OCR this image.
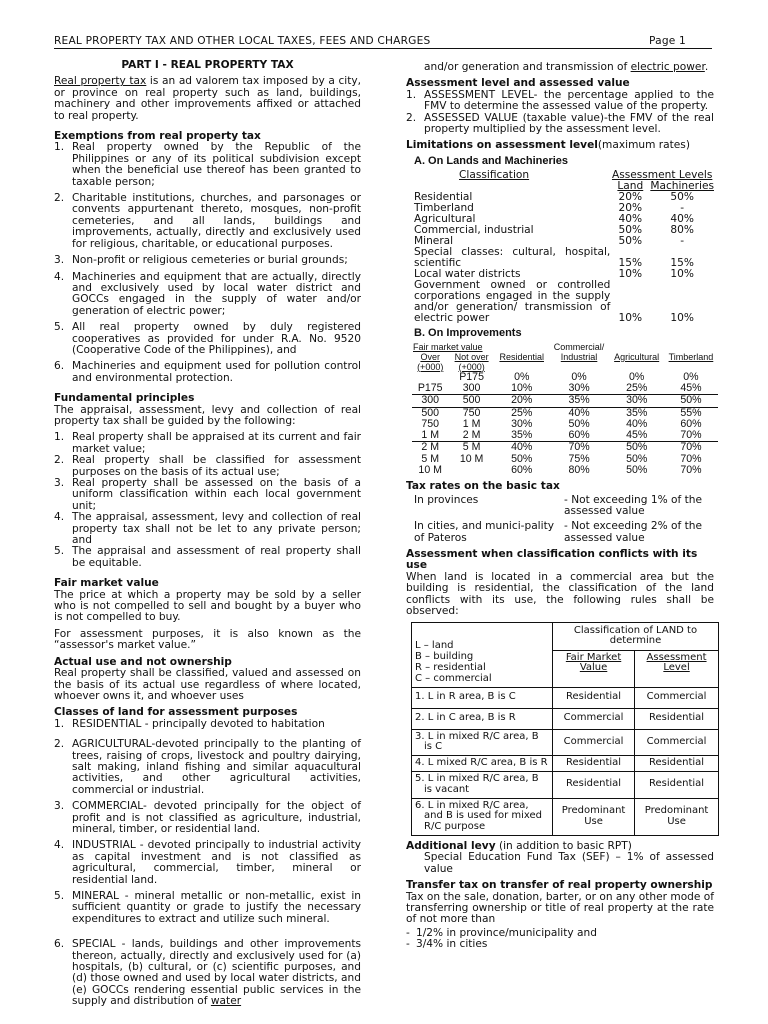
REAL PROPERTY TAX AND OTHER LOCAL TAXES, FEES AND CHARGES	Page 1
PART I - REAL PROPERTY TAX

Real property tax is an ad valorem tax imposed by a city, or province on real property such as land, buildings, machinery and other improvements affixed or attached to real property.

Exemptions from real property tax
1. Real property owned by the Republic of the Philippines or any of its political subdivision except when the beneficial use thereof has been granted to taxable person;
2. Charitable institutions, churches, and parsonages or convents appurtenant thereto, mosques, non-profit cemeteries, and all lands, buildings and improvements, actually, directly and exclusively used for religious, charitable, or educational purposes.
3. Non-profit or religious cemeteries or burial grounds;
4. Machineries and equipment that are actually, directly and exclusively used by local water district and GOCCs engaged in the supply of water and/or generation of electric power;
5. All real property owned by duly registered cooperatives as provided for under R.A. No. 9520 (Cooperative Code of the Philippines), and
6. Machineries and equipment used for pollution control and environmental protection.
Fundamental principles

The appraisal, assessment, levy and collection of real property tax shall be guided by the following:

1. Real property shall be appraised at its current and fair market value;
2. Real property shall be classified for assessment purposes on the basis of its actual use;
3. Real property shall be assessed on the basis of a uniform classification within each local government unit;
4. The appraisal, assessment, levy and collection of real property tax shall not be let to any private person; and
5. The appraisal and assessment of real property shall be equitable.
Fair market value

The price at which a property may be sold by a seller who is not compelled to sell and bought by a buyer who is not compelled to buy.

For assessment purposes, it is also known as the “assessor's market value.”

Actual use and not ownership

Real property shall be classified, valued and assessed on the basis of its actual use regardless of where located, whoever owns it, and whoever uses

Classes of land for assessment purposes
1. RESIDENTIAL - principally devoted to habitation
2. AGRICULTURAL-devoted principally to the planting of trees, raising of crops, livestock and poultry dairying, salt making, inland fishing and similar aquacultural activities, and other agricultural activities, commercial or industrial.
3. COMMERCIAL- devoted principally for the object of profit and is not classified as agriculture, industrial, mineral, timber, or residential land.
4. INDUSTRIAL - devoted principally to industrial activity as capital investment and is not classified as agricultural, commercial, timber, mineral or residential land.
5. MINERAL - mineral metallic or non-metallic, exist in sufficient quantity or grade to justify the necessary expenditures to extract and utilize such mineral.
6. SPECIAL - lands, buildings and other improvements thereon, actually, directly and exclusively used for (a) hospitals, (b) cultural, or (c) scientific purposes, and (d) those owned and used by local water districts, and (e) GOCCs rendering essential public services in the supply and distribution of water

and/or generation and transmission of electric power.

Assessment level and assessed value
1. ASSESSMENT LEVEL- the percentage applied to the FMV to determine the assessed value of the property.
2. ASSESSED VALUE (taxable value)-the FMV of the real property multiplied by the assessment level.
Limitations on assessment level(maximum rates)
A. On Lands and Machineries
Classification	Assessment Levels	
	Land	Machineries
Residential	20%	50%
Timberland	20%	-
Agricultural	40%	40%
Commercial, industrial	50%	80%
Mineral	50%	-
Special classes: cultural, hospital, scientific	15%	15%
Local water districts	10%	10%
Government owned or controlled corporations engaged in the supply and/or generation/ transmission of electric power	10%	10%
B. On Improvements
Fair market value			Commercial/		
Over	Not over	Residential	Industrial	Agricultural	Timberland
(+000)	(+000)				
	P175	0%	0%	0%	0%
P175	300	10%	30%	25%	45%
300	500	20%	35%	30%	50%
500	750	25%	40%	35%	55%
750	1 M	30%	50%	40%	60%
1 M	2 M	35%	60%	45%	70%
2 M	5 M	40%	70%	50%	70%
5 M	10 M	50%	75%	50%	70%
10 M		60%	80%	50%	70%
Tax rates on the basic tax
In provinces	- Not exceeding 1% of the assessed value
In cities, and munici-pality of Pateros	- Not exceeding 2% of the assessed value
Assessment when classification conflicts with its use

When land is located in a commercial area but the building is residential, the classification of the land conflicts with its use, the following rules shall be observed:

L – land
B – building
R – residential
C – commercial	Classification of LAND to determine	
	Fair Market Value	Assessment Level
1. L in R area, B is C	Residential	Commercial
2. L in C area, B is R	Commercial	Residential
3. L in mixed R/C area, B is C	Commercial	Commercial
4. L mixed R/C area, B is R	Residential	Residential
5. L in mixed R/C area, B is vacant	Residential	Residential
6. L in mixed R/C area, and B is used for mixed R/C purpose	Predominant Use	Predominant Use
Additional levy (in addition to basic RPT)

Special Education Fund Tax (SEF) – 1% of assessed value

Transfer tax on transfer of real property ownership

Tax on the sale, donation, barter, or on any other mode of transferring ownership or title of real property at the rate of not more than

- 1/2% in province/municipality and
- 3/4% in cities
